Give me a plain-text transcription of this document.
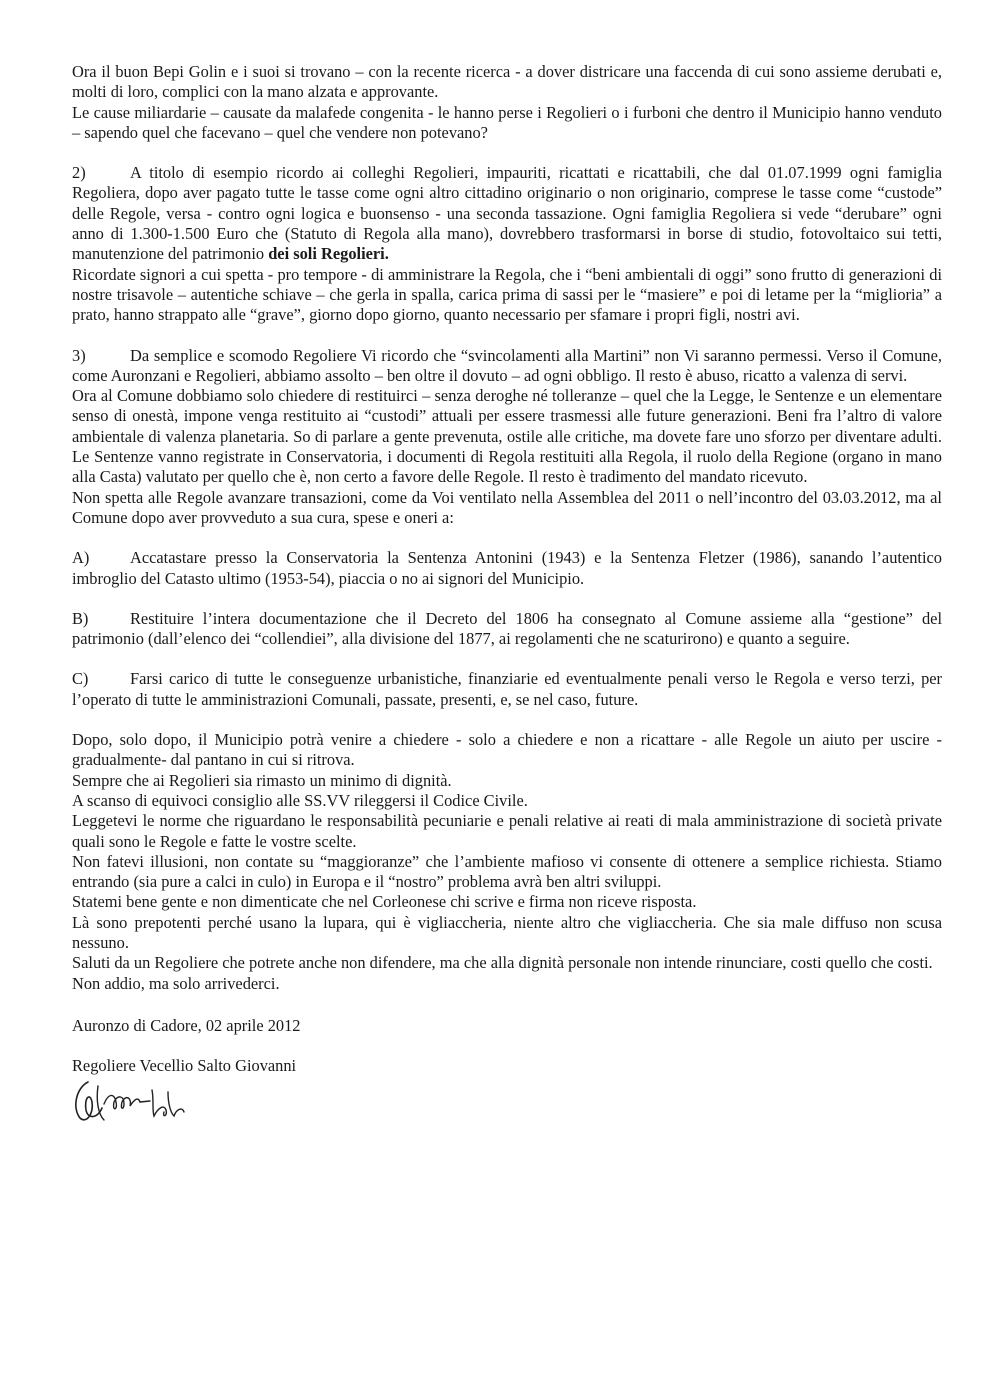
Ora il buon Bepi Golin e i suoi si trovano – con la recente ricerca - a dover districare una faccenda di cui sono assieme derubati e, molti di loro, complici con la mano alzata e approvante.

Le cause miliardarie – causate da malafede congenita - le hanno perse i Regolieri o i furboni che dentro il Municipio hanno venduto – sapendo quel che facevano – quel che vendere non potevano?

2)	A titolo di esempio ricordo ai colleghi Regolieri, impauriti, ricattati e ricattabili, che dal 01.07.1999 ogni famiglia Regoliera, dopo aver pagato tutte le tasse come ogni altro cittadino originario o non originario, comprese le tasse come “custode” delle Regole, versa - contro ogni logica e buonsenso - una seconda tassazione. Ogni famiglia Regoliera si vede “derubare” ogni anno di 1.300-1.500 Euro che (Statuto di Regola alla mano), dovrebbero trasformarsi in borse di studio, fotovoltaico sui tetti, manutenzione del patrimonio dei soli Regolieri.

Ricordate signori a cui spetta - pro tempore - di amministrare la Regola, che i “beni ambientali di oggi” sono frutto di generazioni di nostre trisavole – autentiche schiave – che gerla in spalla, carica prima di sassi per le “masiere” e poi di letame per la “miglioria” a prato, hanno strappato alle “grave”, giorno dopo giorno, quanto necessario per sfamare i propri figli, nostri avi.

3)	Da semplice e scomodo Regoliere Vi ricordo che “svincolamenti alla Martini” non Vi saranno permessi. Verso il Comune, come Auronzani e Regolieri, abbiamo assolto – ben oltre il dovuto – ad ogni obbligo. Il resto è abuso, ricatto a valenza di servi.

Ora al Comune dobbiamo solo chiedere di restituirci – senza deroghe né tolleranze – quel che la Legge, le Sentenze e un elementare senso di onestà, impone venga restituito ai “custodi” attuali per essere trasmessi alle future generazioni. Beni fra l’altro di valore ambientale di valenza planetaria. So di parlare a gente prevenuta, ostile alle critiche, ma dovete fare uno sforzo per diventare adulti. Le Sentenze vanno registrate in Conservatoria, i documenti di Regola restituiti alla Regola, il ruolo della Regione (organo in mano alla Casta) valutato per quello che è, non certo a favore delle Regole. Il resto è tradimento del mandato ricevuto.

Non spetta alle Regole avanzare transazioni, come da Voi ventilato nella Assemblea del 2011 o nell’incontro del 03.03.2012, ma al Comune dopo aver provveduto a sua cura, spese e oneri a:

A) Accatastare presso la Conservatoria la Sentenza Antonini (1943) e la Sentenza Fletzer (1986), sanando l’autentico imbroglio del Catasto ultimo (1953-54), piaccia o no ai signori del Municipio.

B)	Restituire l’intera documentazione che il Decreto del 1806 ha consegnato al Comune assieme alla “gestione” del patrimonio (dall’elenco dei “collendiei”, alla divisione del 1877, ai regolamenti che ne scaturirono) e quanto a seguire.

C)	Farsi carico di tutte le conseguenze urbanistiche, finanziarie ed eventualmente penali verso le Regola e verso terzi, per l’operato di tutte le amministrazioni Comunali, passate, presenti, e, se nel caso, future.

Dopo, solo dopo, il Municipio potrà venire a chiedere - solo a chiedere e non a ricattare - alle Regole un aiuto per uscire - gradualmente- dal pantano in cui si ritrova.

Sempre che ai Regolieri sia rimasto un minimo di dignità.

A scanso di equivoci consiglio alle SS.VV rileggersi il Codice Civile.

Leggetevi le norme che riguardano le responsabilità pecuniarie e penali relative ai reati di mala amministrazione di società private quali sono le Regole e fatte le vostre scelte.

Non fatevi illusioni, non contate su “maggioranze” che l’ambiente mafioso vi consente di ottenere a semplice richiesta. Stiamo entrando (sia pure a calci in culo) in Europa e il “nostro” problema avrà ben altri sviluppi.

Statemi bene gente e non dimenticate che nel Corleonese chi scrive e firma non riceve risposta.

Là sono prepotenti perché usano la lupara, qui è vigliaccheria, niente altro che vigliaccheria. Che sia male diffuso non scusa nessuno.

Saluti da un Regoliere che potrete anche non difendere, ma che alla dignità personale non intende rinunciare, costi quello che costi.

Non addio, ma solo arrivederci.

Auronzo di Cadore, 02 aprile 2012

Regoliere Vecellio Salto Giovanni
